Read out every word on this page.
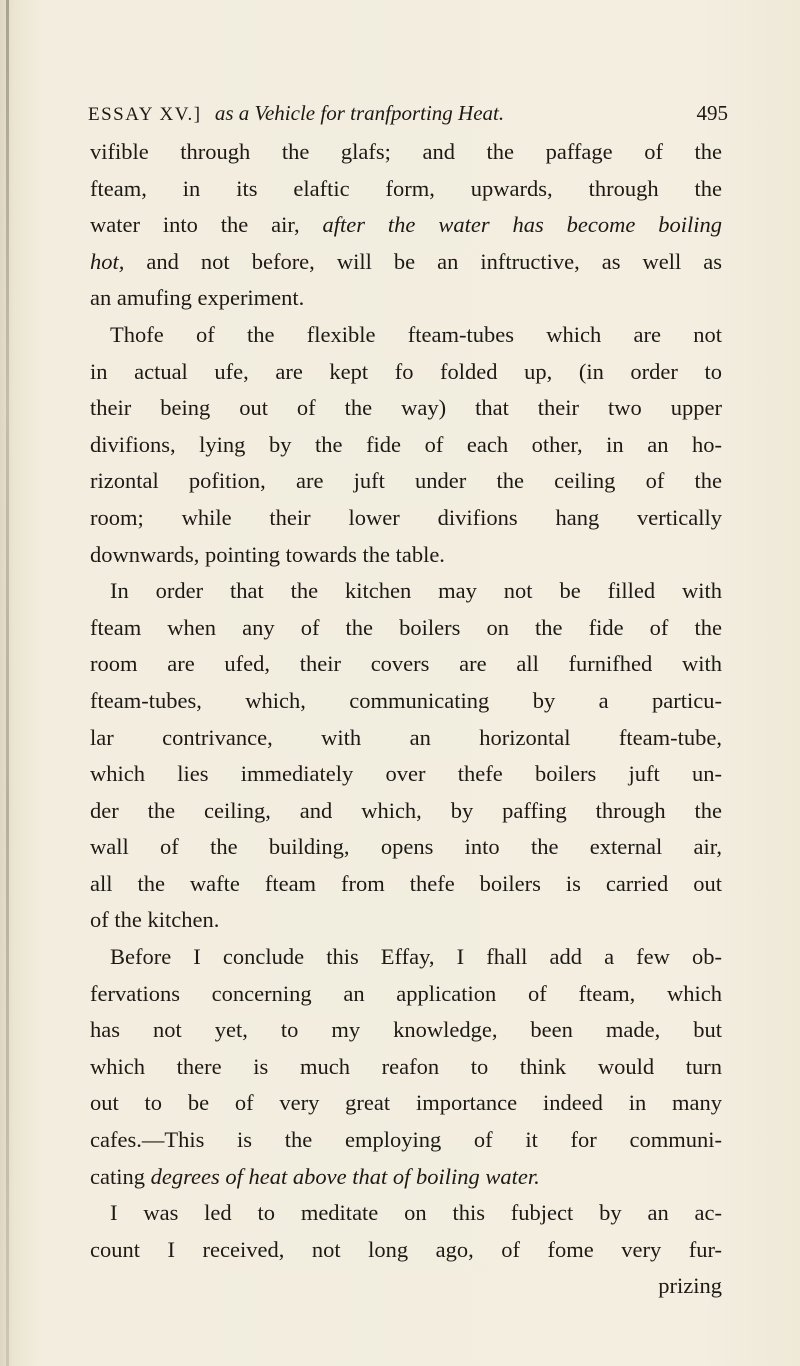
ESSAY XV.] as a Vehicle for tranfporting Heat.	495
vifible through the glafs; and the paffage of the
fteam, in its elaftic form, upwards, through the
water into the air, after the water has become boiling
hot, and not before, will be an inftructive, as well as
an amufing experiment.
Thofe of the flexible fteam-tubes which are not
in actual ufe, are kept fo folded up, (in order to
their being out of the way) that their two upper
divifions, lying by the fide of each other, in an ho-
rizontal pofition, are juft under the ceiling of the
room; while their lower divifions hang vertically
downwards, pointing towards the table.
In order that the kitchen may not be filled with
fteam when any of the boilers on the fide of the
room are ufed, their covers are all furnifhed with
fteam-tubes, which, communicating by a particu-
lar contrivance, with an horizontal fteam-tube,
which lies immediately over thefe boilers juft un-
der the ceiling, and which, by paffing through the
wall of the building, opens into the external air,
all the wafte fteam from thefe boilers is carried out
of the kitchen.
Before I conclude this Effay, I fhall add a few ob-
fervations concerning an application of fteam, which
has not yet, to my knowledge, been made, but
which there is much reafon to think would turn
out to be of very great importance indeed in many
cafes.—This is the employing of it for communi-
cating degrees of heat above that of boiling water.
I was led to meditate on this fubject by an ac-
count I received, not long ago, of fome very fur-
prizing
